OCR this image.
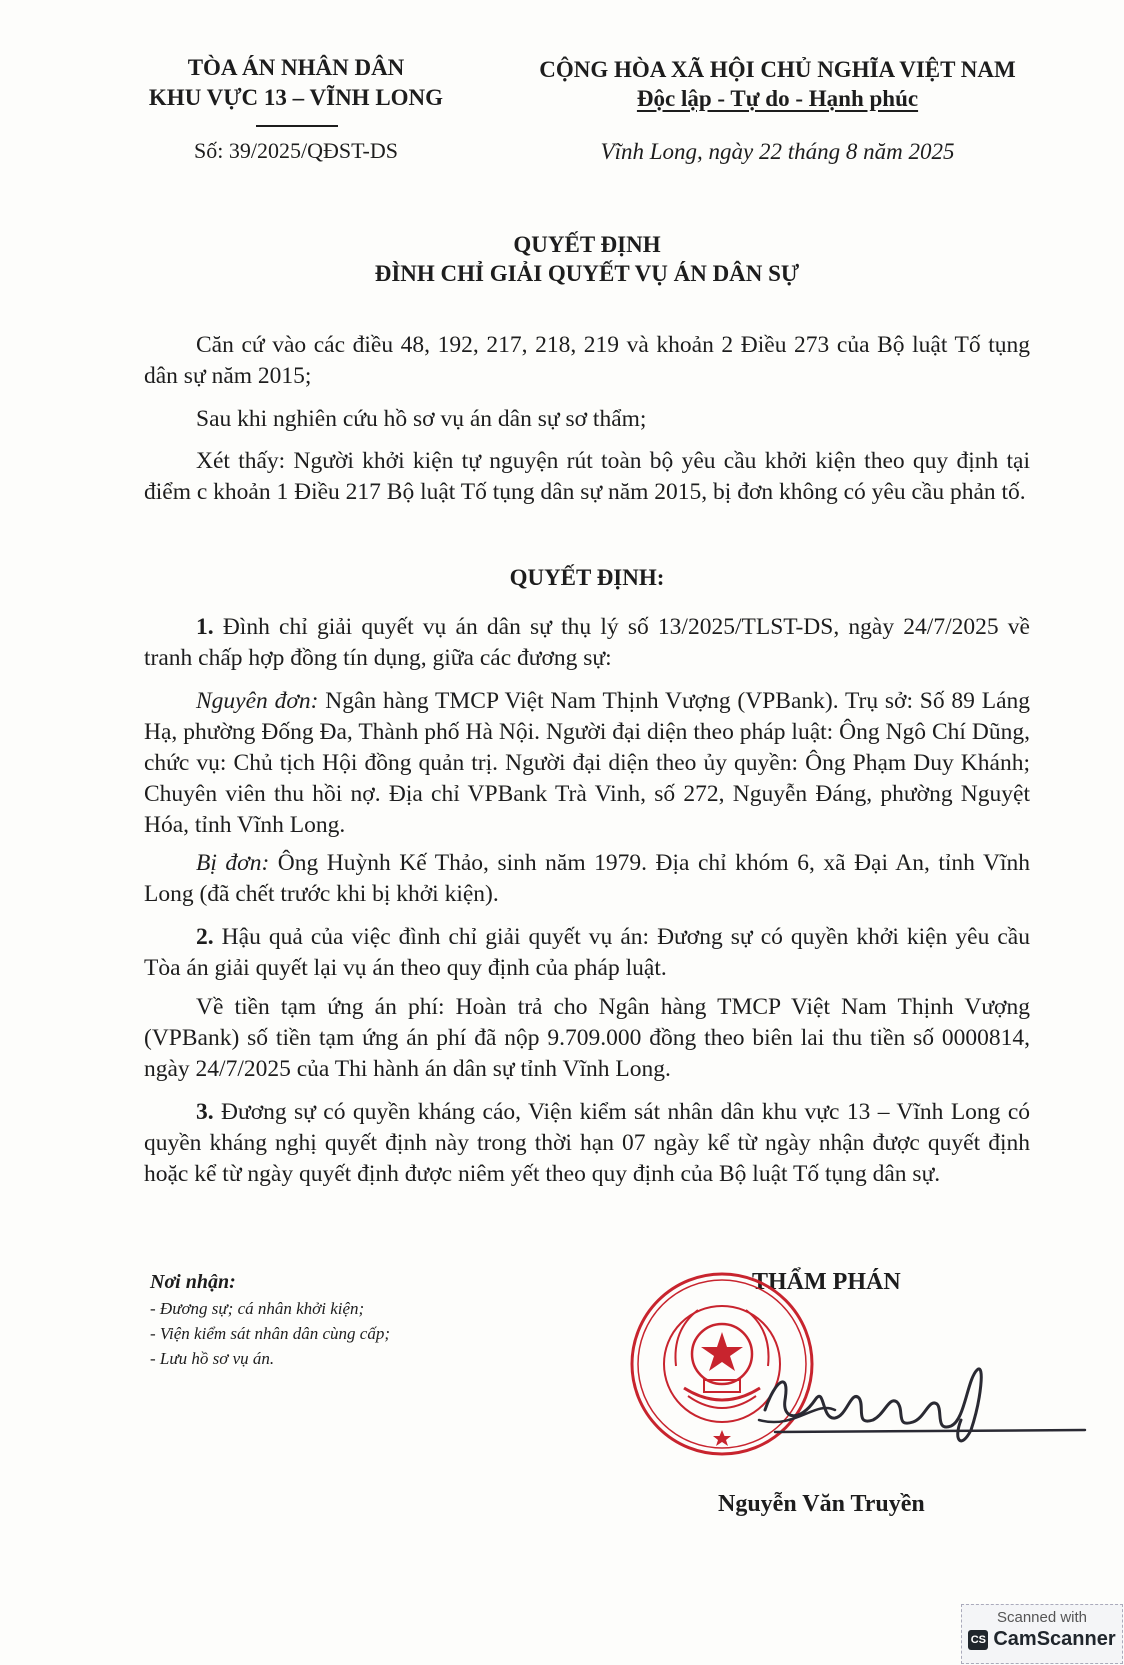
TÒA ÁN NHÂN DÂN
KHU VỰC 13 – VĨNH LONG
Số: 39/2025/QĐST-DS
CỘNG HÒA XÃ HỘI CHỦ NGHĨA VIỆT NAM
Độc lập - Tự do - Hạnh phúc
Vĩnh Long, ngày 22 tháng 8 năm 2025
QUYẾT ĐỊNH
ĐÌNH CHỈ GIẢI QUYẾT VỤ ÁN DÂN SỰ
Căn cứ vào các điều 48, 192, 217, 218, 219 và khoản 2 Điều 273 của Bộ luật Tố tụng dân sự năm 2015;
Sau khi nghiên cứu hồ sơ vụ án dân sự sơ thẩm;
Xét thấy: Người khởi kiện tự nguyện rút toàn bộ yêu cầu khởi kiện theo quy định tại điểm c khoản 1 Điều 217 Bộ luật Tố tụng dân sự năm 2015, bị đơn không có yêu cầu phản tố.
QUYẾT ĐỊNH:
1. Đình chỉ giải quyết vụ án dân sự thụ lý số 13/2025/TLST-DS, ngày 24/7/2025 về tranh chấp hợp đồng tín dụng, giữa các đương sự:
Nguyên đơn: Ngân hàng TMCP Việt Nam Thịnh Vượng (VPBank). Trụ sở: Số 89 Láng Hạ, phường Đống Đa, Thành phố Hà Nội. Người đại diện theo pháp luật: Ông Ngô Chí Dũng, chức vụ: Chủ tịch Hội đồng quản trị. Người đại diện theo ủy quyền: Ông Phạm Duy Khánh; Chuyên viên thu hồi nợ. Địa chỉ VPBank Trà Vinh, số 272, Nguyễn Đáng, phường Nguyệt Hóa, tỉnh Vĩnh Long.
Bị đơn: Ông Huỳnh Kế Thảo, sinh năm 1979. Địa chỉ khóm 6, xã Đại An, tỉnh Vĩnh Long (đã chết trước khi bị khởi kiện).
2. Hậu quả của việc đình chỉ giải quyết vụ án: Đương sự có quyền khởi kiện yêu cầu Tòa án giải quyết lại vụ án theo quy định của pháp luật.
Về tiền tạm ứng án phí: Hoàn trả cho Ngân hàng TMCP Việt Nam Thịnh Vượng (VPBank) số tiền tạm ứng án phí đã nộp 9.709.000 đồng theo biên lai thu tiền số 0000814, ngày 24/7/2025 của Thi hành án dân sự tỉnh Vĩnh Long.
3. Đương sự có quyền kháng cáo, Viện kiểm sát nhân dân khu vực 13 – Vĩnh Long có quyền kháng nghị quyết định này trong thời hạn 07 ngày kể từ ngày nhận được quyết định hoặc kể từ ngày quyết định được niêm yết theo quy định của Bộ luật Tố tụng dân sự.
Nơi nhận:
- Đương sự; cá nhân khởi kiện;
- Viện kiểm sát nhân dân cùng cấp;
- Lưu hồ sơ vụ án.
THẨM PHÁN
Nguyễn Văn Truyền
Scanned with
CS CamScanner
